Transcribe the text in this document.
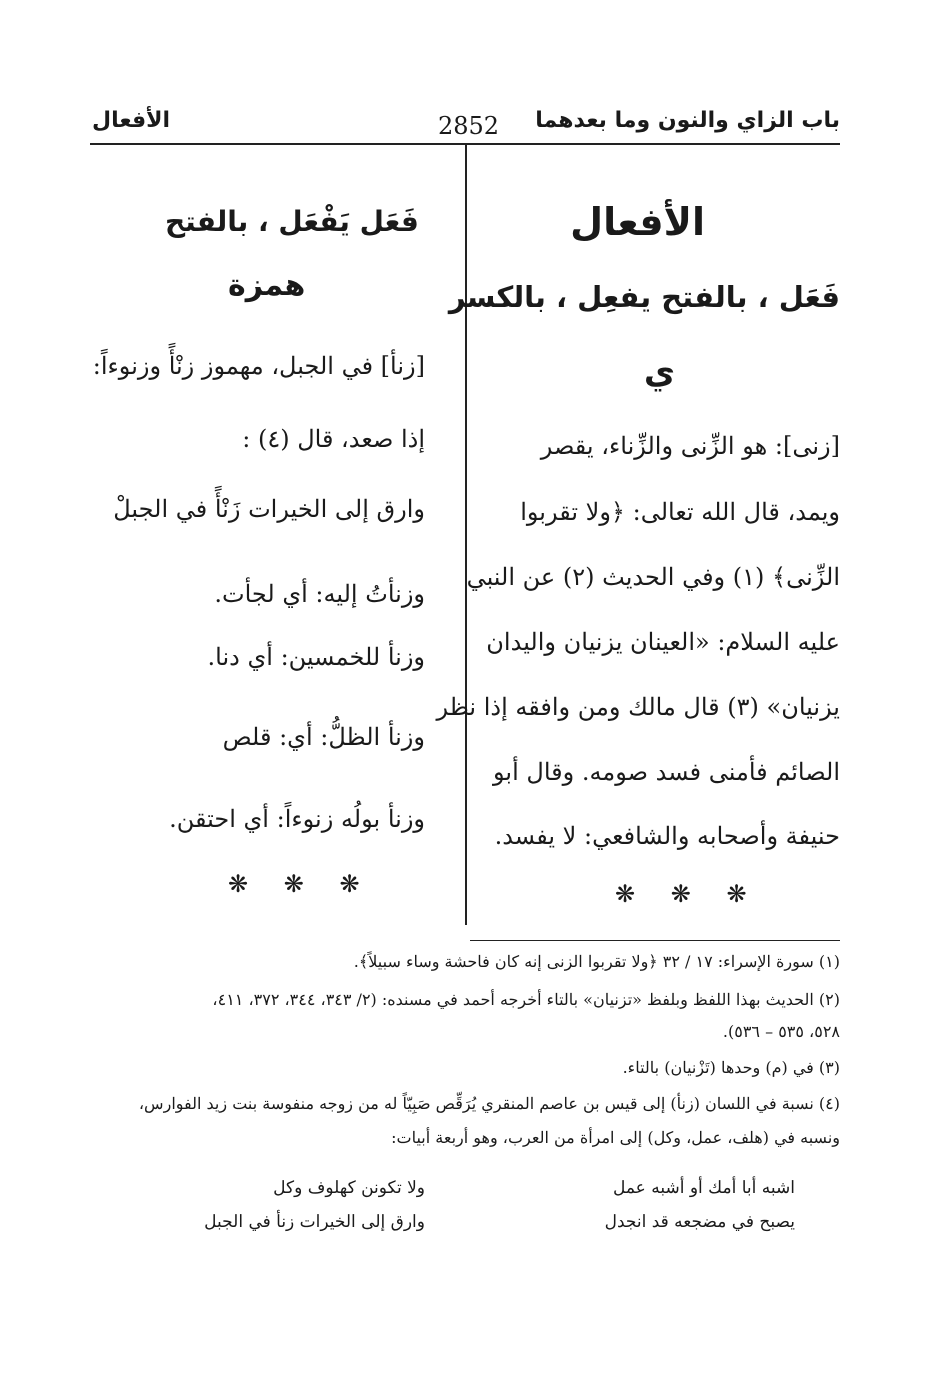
باب الزاي والنون وما بعدهما
2852
الأفعال
الأفعال
فَعَل ، بالفتح يفعِل ، بالكسر
ي
[زنى]: هو الزِّنى والزِّناء، يقصر
ويمد، قال الله تعالى: ﴿ولا تقربوا
الزِّنى﴾ (١) وفي الحديث (٢) عن النبي
عليه السلام: «العينان يزنيان واليدان
يزنيان» (٣) قال مالك ومن وافقه إذا نظر
الصائم فأمنى فسد صومه. وقال أبو
حنيفة وأصحابه والشافعي: لا يفسد.
❋ ❋ ❋
فَعَل يَفْعَل ، بالفتح
همزة
[زنأ] في الجبل، مهموز زنْأً وزنوءاً:
إذا صعد، قال (٤) :
وارق إلى الخيرات زَنْأً في الجبلْ
وزنأتُ إليه: أي لجأت.
وزنأ للخمسين: أي دنا.
وزنأ الظلُّ: أي: قلص
وزنأ بولُه زنوءاً: أي احتقن.
❋ ❋ ❋
(١) سورة الإسراء: ١٧ / ٣٢ ﴿ولا تقربوا الزنى إنه كان فاحشة وساء سبيلاً﴾.
(٢) الحديث بهذا اللفظ وبلفظ «تزنيان» بالتاء أخرجه أحمد في مسنده: (٢/ ٣٤٣، ٣٤٤، ٣٧٢، ٤١١،
٥٢٨، ٥٣٥ – ٥٣٦).
(٣) في (م) وحدها (تَزْنيان) بالتاء.
(٤) نسبة في اللسان (زنأ) إلى قيس بن عاصم المنقري يُرَقِّص صَبِيّاً له من زوجه منفوسة بنت زيد الفوارس،
ونسبه في (هلف، عمل، وكل) إلى امرأة من العرب، وهو أربعة أبيات:
اشبه أبا أمك أو أشبه عمل
ولا تكونن كهلوف وكل
يصبح في مضجعه قد انجدل
وارق إلى الخيرات زنأ في الجبل
